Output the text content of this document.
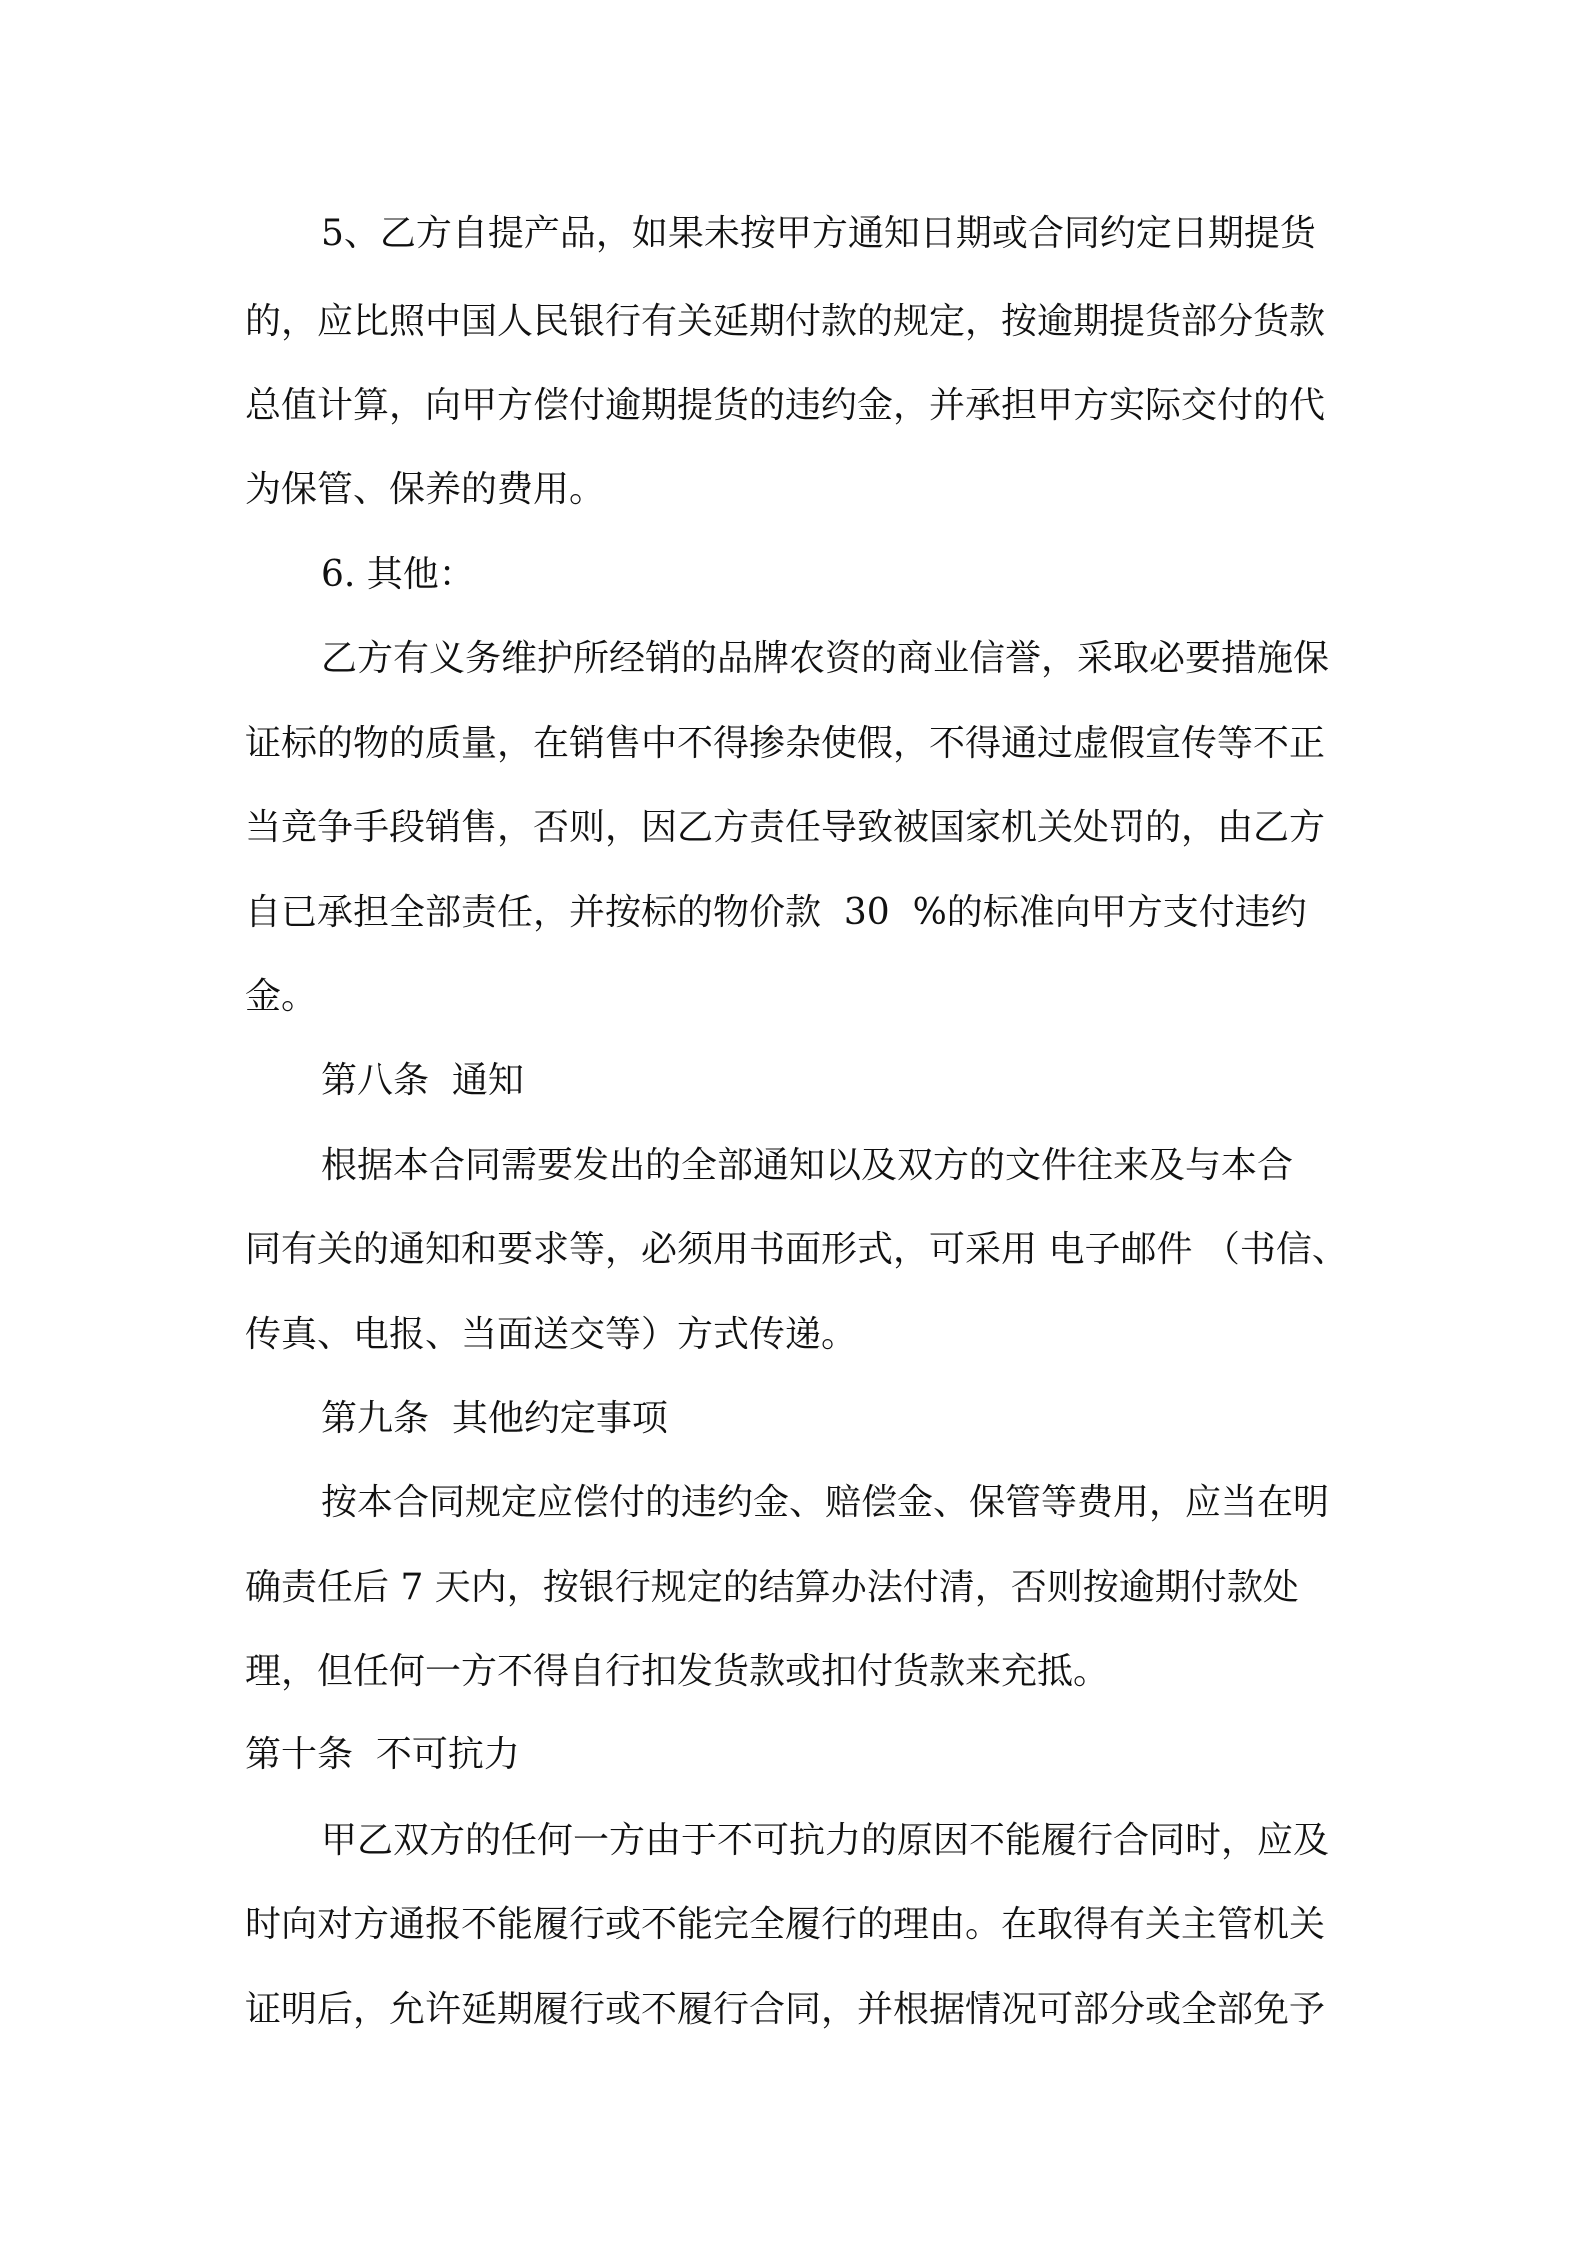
5、乙方自提产品，如果未按甲方通知日期或合同约定日期提货

的，应比照中国人民银行有关延期付款的规定，按逾期提货部分货款

总值计算，向甲方偿付逾期提货的违约金，并承担甲方实际交付的代

为保管、保养的费用。

6. 其他：

乙方有义务维护所经销的品牌农资的商业信誉，采取必要措施保

证标的物的质量，在销售中不得掺杂使假，不得通过虚假宣传等不正

当竞争手段销售，否则，因乙方责任导致被国家机关处罚的，由乙方

自已承担全部责任，并按标的物价款  30  %的标准向甲方支付违约

金。

第八条  通知

根据本合同需要发出的全部通知以及双方的文件往来及与本合

同有关的通知和要求等，必须用书面形式，可采用 电子邮件 （书信、

传真、电报、当面送交等）方式传递。

第九条  其他约定事项

按本合同规定应偿付的违约金、赔偿金、保管等费用，应当在明

确责任后 7 天内，按银行规定的结算办法付清，否则按逾期付款处

理，但任何一方不得自行扣发货款或扣付货款来充抵。

第十条  不可抗力

甲乙双方的任何一方由于不可抗力的原因不能履行合同时，应及

时向对方通报不能履行或不能完全履行的理由。在取得有关主管机关

证明后，允许延期履行或不履行合同，并根据情况可部分或全部免予
